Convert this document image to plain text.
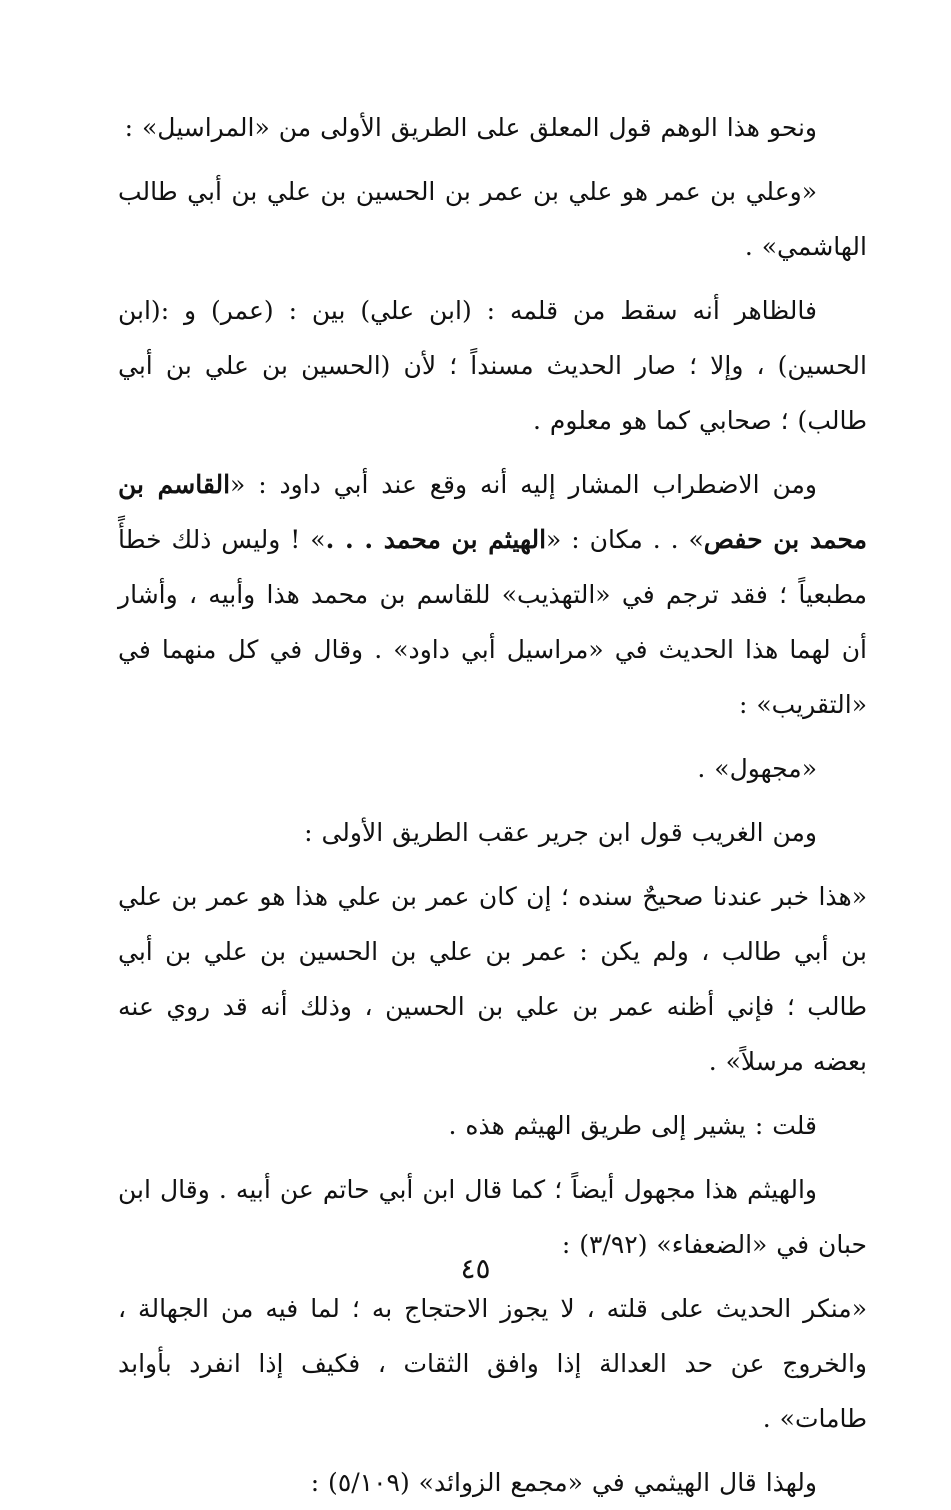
ونحو هذا الوهم قول المعلق على الطريق الأولى من «المراسيل» :

«وعلي بن عمر هو علي بن عمر بن الحسين بن علي بن أبي طالب الهاشمي» .

فالظاهر أنه سقط من قلمه : (ابن علي) بين : (عمر) و :(ابن الحسين) ، وإلا ؛ صار الحديث مسنداً ؛ لأن (الحسين بن علي بن أبي طالب) ؛ صحابي كما هو معلوم .

ومن الاضطراب المشار إليه أنه وقع عند أبي داود : «القاسم بن محمد بن حفص» . . مكان : «الهيثم بن محمد . . .» ! وليس ذلك خطأً مطبعياً ؛ فقد ترجم في «التهذيب» للقاسم بن محمد هذا وأبيه ، وأشار أن لهما هذا الحديث في «مراسيل أبي داود» . وقال في كل منهما في «التقريب» :

«مجهول» .

ومن الغريب قول ابن جرير عقب الطريق الأولى :

«هذا خبر عندنا صحيحٌ سنده ؛ إن كان عمر بن علي هذا هو عمر بن علي بن أبي طالب ، ولم يكن : عمر بن علي بن الحسين بن علي بن أبي طالب ؛ فإني أظنه عمر بن علي بن الحسين ، وذلك أنه قد روي عنه بعضه مرسلاً» .

قلت : يشير إلى طريق الهيثم هذه .

والهيثم هذا مجهول أيضاً ؛ كما قال ابن أبي حاتم عن أبيه . وقال ابن حبان في «الضعفاء» (٣/٩٢) :

«منكر الحديث على قلته ، لا يجوز الاحتجاج به ؛ لما فيه من الجهالة ، والخروج عن حد العدالة إذا وافق الثقات ، فكيف إذا انفرد بأوابد طامات» .

ولهذا قال الهيثمي في «مجمع الزوائد» (٥/١٠٩) :

٤٥
